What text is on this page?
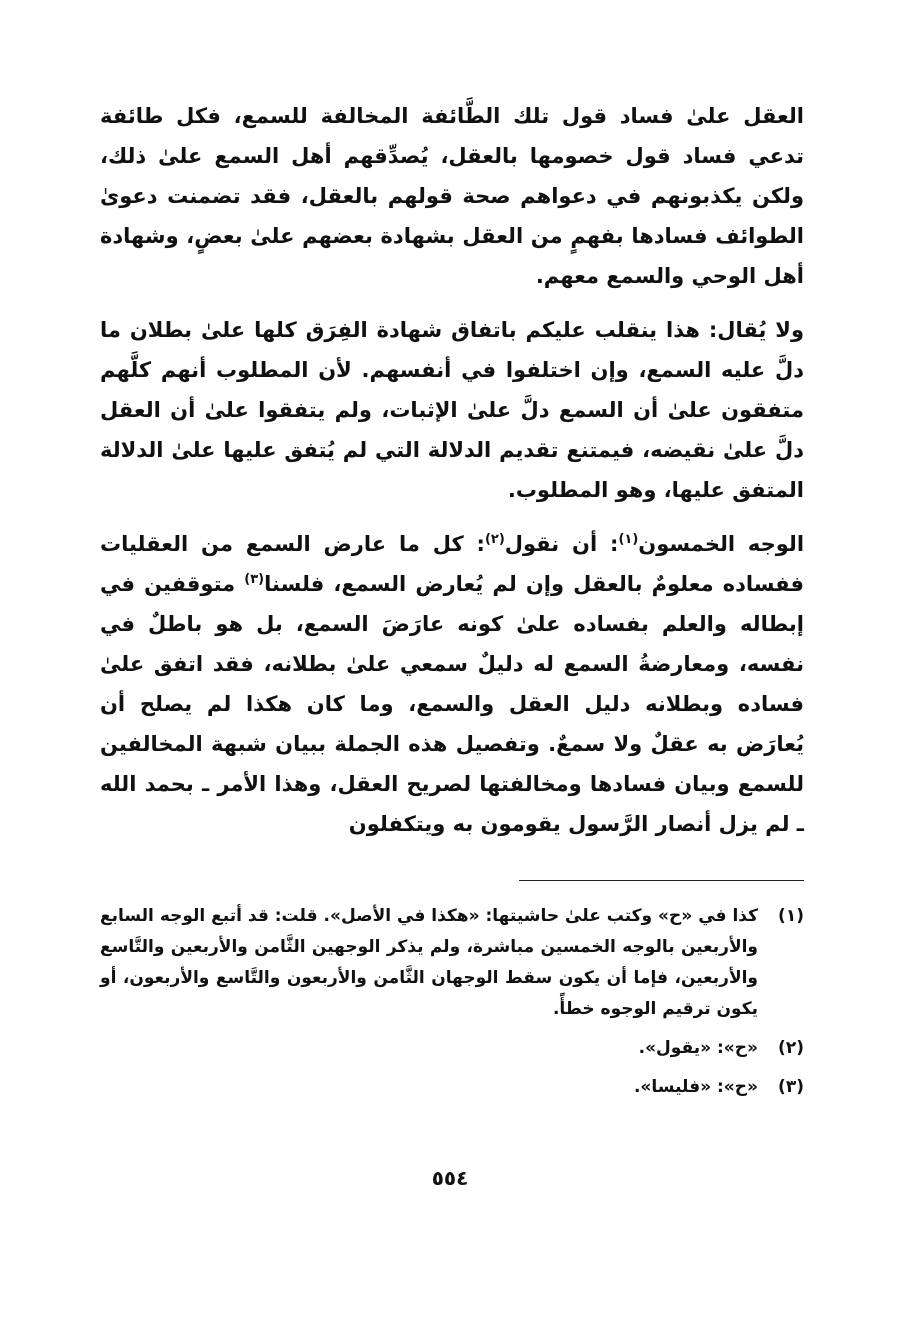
العقل علىٰ فساد قول تلك الطَّائفة المخالفة للسمع، فكل طائفة تدعي فساد قول خصومها بالعقل، يُصدِّقهم أهل السمع علىٰ ذلك، ولكن يكذبونهم في دعواهم صحة قولهم بالعقل، فقد تضمنت دعوىٰ الطوائف فسادها بفهمٍ من العقل بشهادة بعضهم علىٰ بعضٍ، وشهادة أهل الوحي والسمع معهم.

ولا يُقال: هذا ينقلب عليكم باتفاق شهادة الفِرَق كلها علىٰ بطلان ما دلَّ عليه السمع، وإن اختلفوا في أنفسهم. لأن المطلوب أنهم كلَّهم متفقون علىٰ أن السمع دلَّ علىٰ الإثبات، ولم يتفقوا علىٰ أن العقل دلَّ علىٰ نقيضه، فيمتنع تقديم الدلالة التي لم يُتفق عليها علىٰ الدلالة المتفق عليها، وهو المطلوب.

الوجه الخمسون$^{(١)}$: أن نقول$^{(٢)}$: كل ما عارض السمع من العقليات ففساده معلومٌ بالعقل وإن لم يُعارض السمع، فلسنا$^{(٣)}$ متوقفين في إبطاله والعلم بفساده علىٰ كونه عارَضَ السمع، بل هو باطلٌ في نفسه، ومعارضةُ السمع له دليلٌ سمعي علىٰ بطلانه، فقد اتفق علىٰ فساده وبطلانه دليل العقل والسمع، وما كان هكذا لم يصلح أن يُعارَض به عقلٌ ولا سمعٌ. وتفصيل هذه الجملة ببيان شبهة المخالفين للسمع وبيان فسادها ومخالفتها لصريح العقل، وهذا الأمر ـ بحمد الله ـ لم يزل أنصار الرَّسول يقومون به ويتكفلون

(١)
كذا في «ح» وكتب علىٰ حاشيتها: «هكذا في الأصل». قلت: قد أتبع الوجه السابع والأربعين بالوجه الخمسين مباشرة، ولم يذكر الوجهين الثَّامن والأربعين والتَّاسع والأربعين، فإما أن يكون سقط الوجهان الثَّامن والأربعون والتَّاسع والأربعون، أو يكون ترقيم الوجوه خطأً.
(٢)
«ح»: «يقول».
(٣)
«ح»: «فليسا».
٥٥٤
